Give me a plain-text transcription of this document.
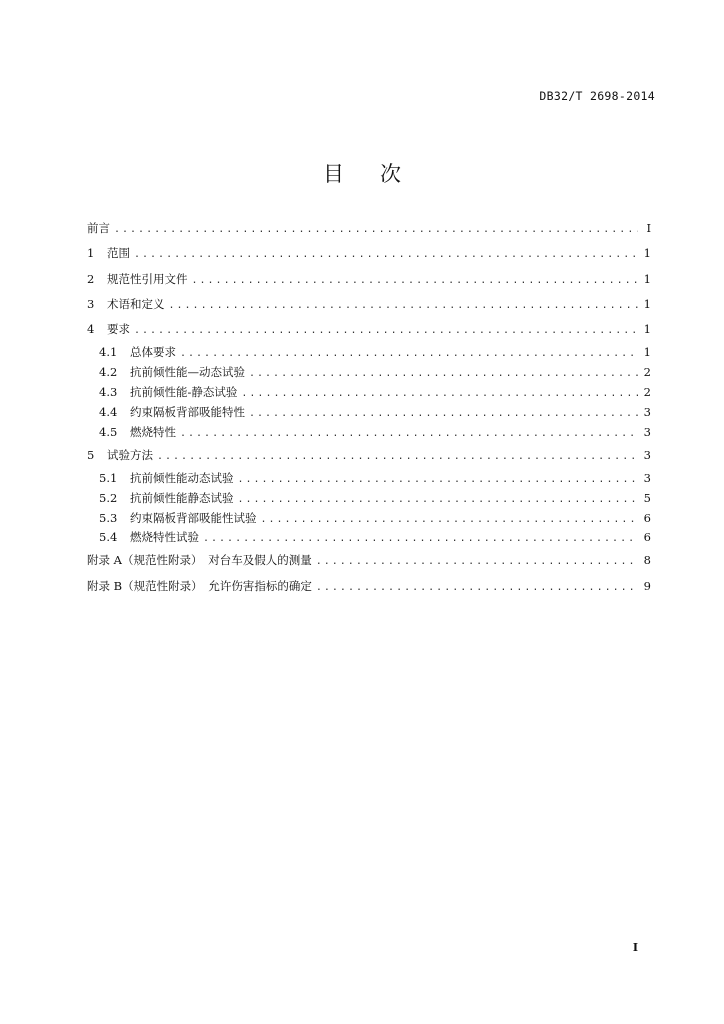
DB32/T 2698-2014
目次
前言 .....	I
1	范围 .....	1
2	规范性引用文件 .....	1
3	术语和定义 .....	1
4	要求 .....	1
4.1	总体要求 .....	1
4.2	抗前倾性能—动态试验 .....	2
4.3	抗前倾性能-静态试验 .....	2
4.4	约束隔板背部吸能特性 .....	3
4.5	燃烧特性 .....	3
5	试验方法 .....	3
5.1	抗前倾性能动态试验 .....	3
5.2	抗前倾性能静态试验 .....	5
5.3	约束隔板背部吸能性试验 .....	6
5.4	燃烧特性试验 .....	6
附录 A（规范性附录）　对台车及假人的测量 .....	8
附录 B（规范性附录）　允许伤害指标的确定 .....	9
I
